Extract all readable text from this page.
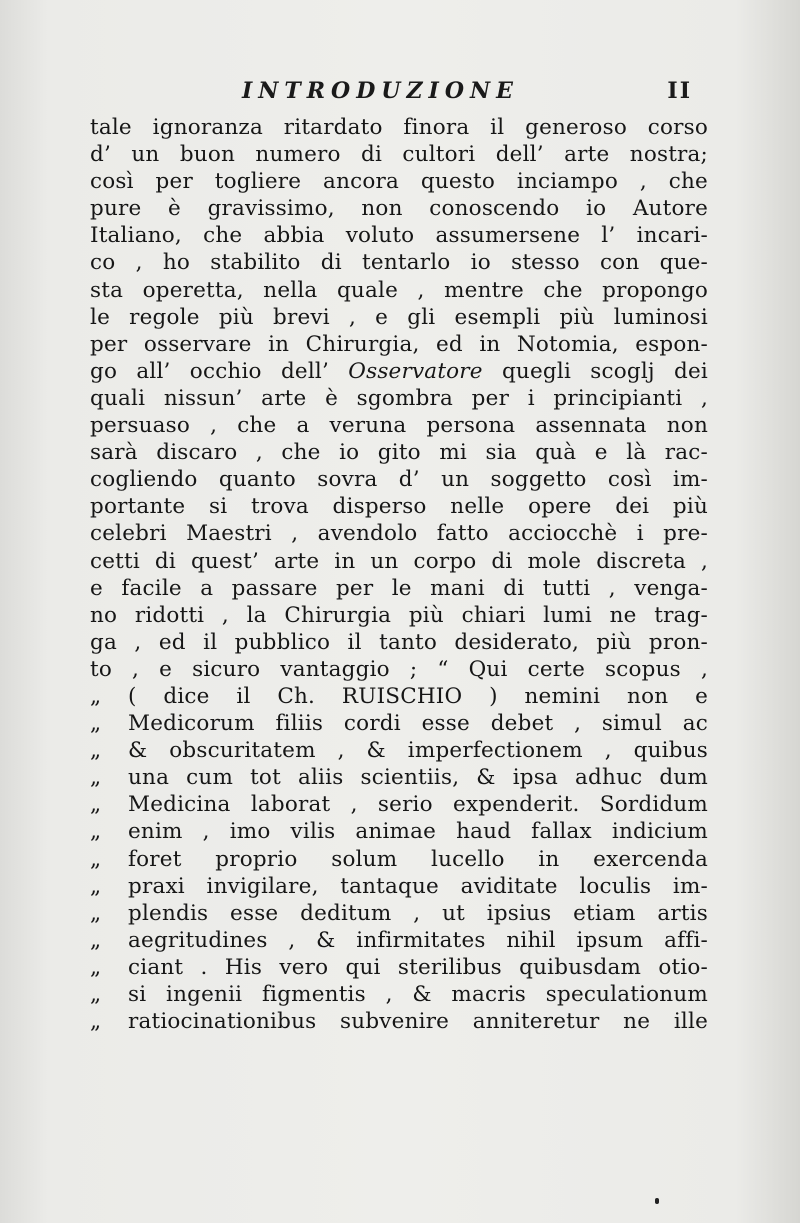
INTRODUZIONE	II
tale ignoranza ritardato finora il generoso corso
d’ un buon numero di cultori dell’ arte nostra;
così per togliere ancora questo inciampo , che
pure è gravissimo, non conoscendo io Autore
Italiano, che abbia voluto assumersene l’ incari-
co , ho stabilito di tentarlo io stesso con que-
sta operetta, nella quale , mentre che propongo
le regole più brevi , e gli esempli più luminosi
per osservare in Chirurgia, ed in Notomia, espon-
go all’ occhio dell’ Osservatore quegli scoglj dei
quali nissun’ arte è sgombra per i principianti ,
persuaso , che a veruna persona assennata non
sarà discaro , che io gito mi sia quà e là rac-
cogliendo quanto sovra d’ un soggetto così im-
portante si trova disperso nelle opere dei più
celebri Maestri , avendolo fatto acciocchè i pre-
cetti di quest’ arte in un corpo di mole discreta ,
e facile a passare per le mani di tutti , venga-
no ridotti , la Chirurgia più chiari lumi ne trag-
ga , ed il pubblico il tanto desiderato, più pron-
to , e sicuro vantaggio ; “ Qui certe scopus ,
„ ( dice il Ch. RUISCHIO ) nemini non e
„ Medicorum filiis cordi esse debet , simul ac
„ & obscuritatem , & imperfectionem , quibus
„ una cum tot aliis scientiis, & ipsa adhuc dum
„ Medicina laborat , serio expenderit. Sordidum
„ enim , imo vilis animae haud fallax indicium
„ foret proprio solum lucello in exercenda
„ praxi invigilare, tantaque aviditate loculis im-
„ plendis esse deditum , ut ipsius etiam artis
„ aegritudines , & infirmitates nihil ipsum affi-
„ ciant . His vero qui sterilibus quibusdam otio-
„ si ingenii figmentis , & macris speculationum
„ ratiocinationibus subvenire anniteretur ne ille
